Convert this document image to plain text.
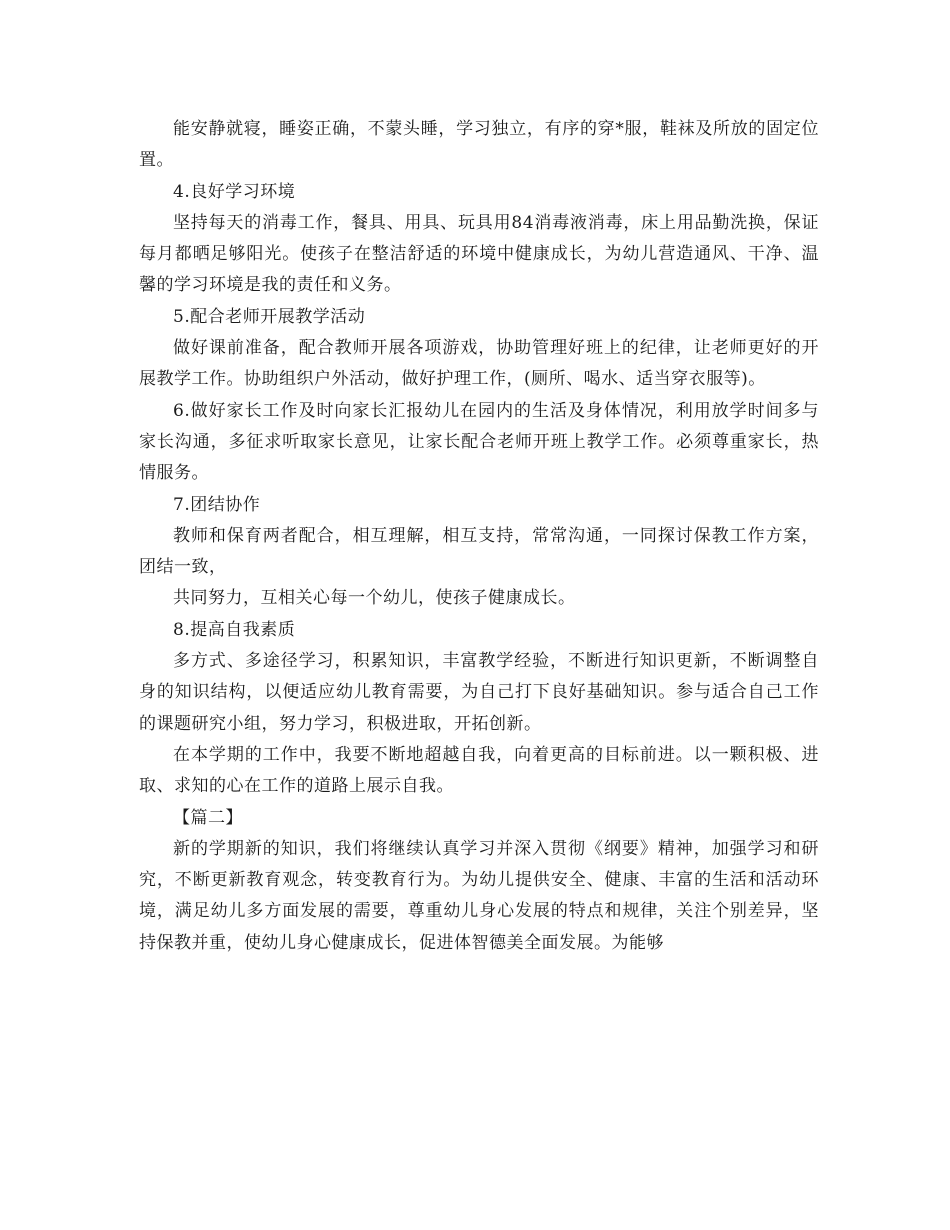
能安静就寝，睡姿正确，不蒙头睡，学习独立，有序的穿*服，鞋袜及所放的固定位置。

4.良好学习环境

坚持每天的消毒工作，餐具、用具、玩具用84消毒液消毒，床上用品勤洗换，保证每月都晒足够阳光。使孩子在整洁舒适的环境中健康成长，为幼儿营造通风、干净、温馨的学习环境是我的责任和义务。

5.配合老师开展教学活动

做好课前准备，配合教师开展各项游戏，协助管理好班上的纪律，让老师更好的开展教学工作。协助组织户外活动，做好护理工作，(厕所、喝水、适当穿衣服等)。

6.做好家长工作及时向家长汇报幼儿在园内的生活及身体情况，利用放学时间多与家长沟通，多征求听取家长意见，让家长配合老师开班上教学工作。必须尊重家长，热情服务。

7.团结协作

教师和保育两者配合，相互理解，相互支持，常常沟通，一同探讨保教工作方案，团结一致，

共同努力，互相关心每一个幼儿，使孩子健康成长。

8.提高自我素质

多方式、多途径学习，积累知识，丰富教学经验，不断进行知识更新，不断调整自身的知识结构，以便适应幼儿教育需要，为自己打下良好基础知识。参与适合自己工作的课题研究小组，努力学习，积极进取，开拓创新。

在本学期的工作中，我要不断地超越自我，向着更高的目标前进。以一颗积极、进取、求知的心在工作的道路上展示自我。

【篇二】

新的学期新的知识，我们将继续认真学习并深入贯彻《纲要》精神，加强学习和研究，不断更新教育观念，转变教育行为。为幼儿提供安全、健康、丰富的生活和活动环境，满足幼儿多方面发展的需要，尊重幼儿身心发展的特点和规律，关注个别差异，坚持保教并重，使幼儿身心健康成长，促进体智德美全面发展。为能够
